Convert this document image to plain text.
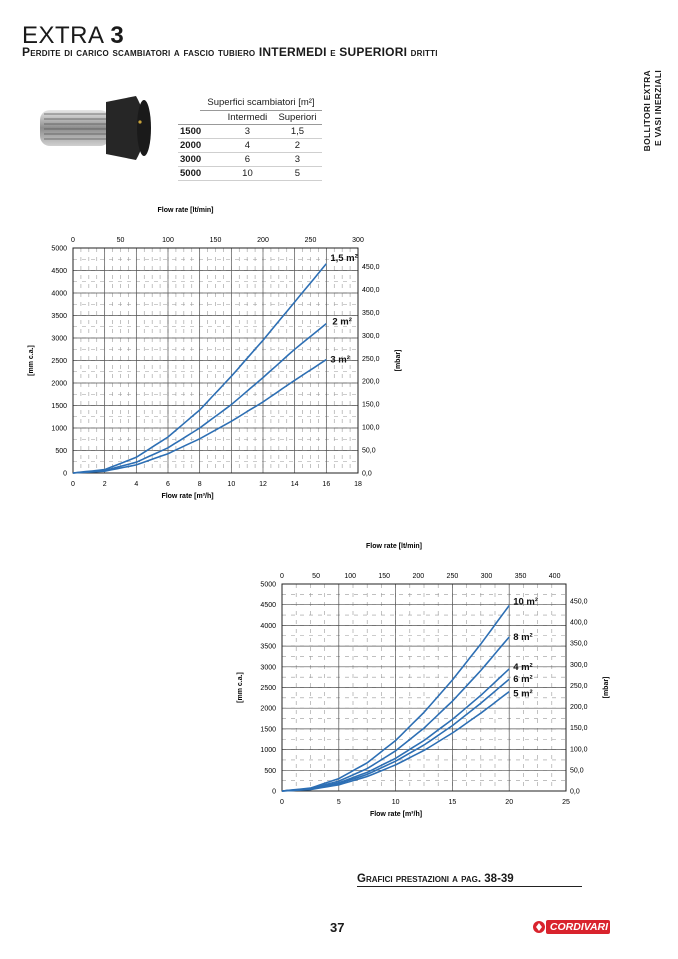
EXTRA 3
Perdite di carico scambiatori a fascio tubiero INTERMEDI e SUPERIORI dritti
BOLLITORI EXTRA E VASI INERZIALI
Superfici scambiatori [m²]
	Intermedi	Superiori
1500	3	1,5
2000	4	2
3000	6	3
5000	10	5
0	2	4	6	8	10	12	14	16	18
0	50	100	150	200	250	300
0
500
1000
1500
2000
2500
3000
3500
4000
4500
5000
0,0
50,0
100,0
150,0
200,0
250,0
300,0
350,0
400,0
450,0
Flow rate [lt/min]
Flow rate [m³/h]
[mm c.a.]	[mbar]
1,5 m²
2 m²
3 m²
0	5	10	15	20	25
0	50	100	150	200	250	300	350	400
0
500
1000
1500
2000
2500
3000
3500
4000
4500
5000
0,0
50,0
100,0
150,0
200,0
250,0
300,0
350,0
400,0
450,0
Flow rate [lt/min]
Flow rate [m³/h]
[mm c.a.]	[mbar]
10 m²
8 m²
4 m²
6 m²
5 m²
Grafici prestazioni a pag. 38-39
37	CORDIVARI
